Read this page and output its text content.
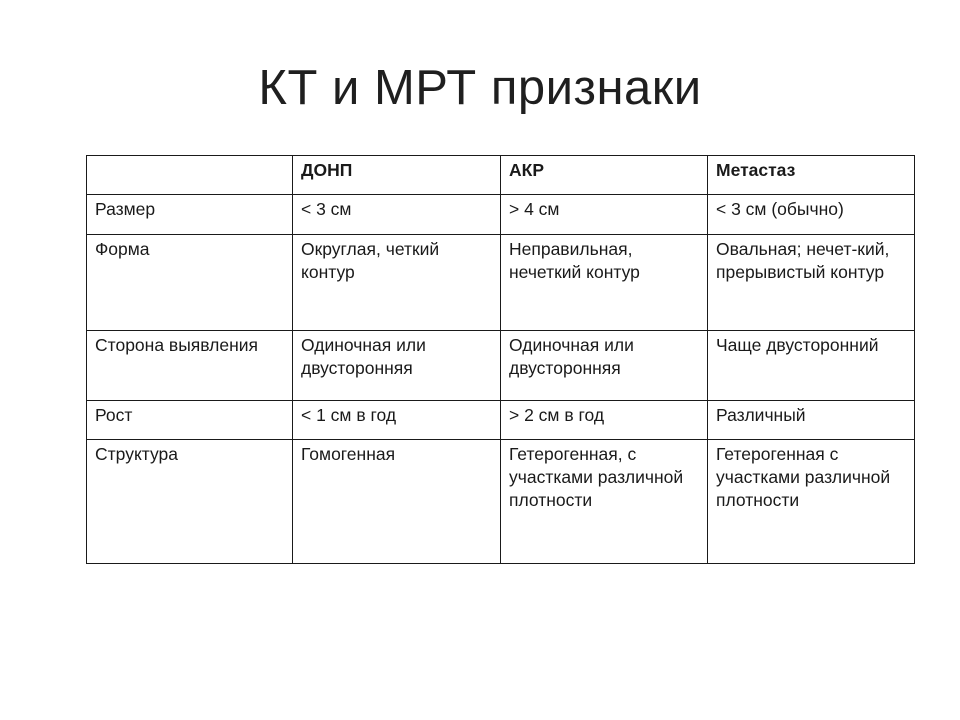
КТ и МРТ признаки
	ДОНП	АКР	Метастаз
Размер	< 3 см	> 4 см	< 3 см (обычно)
Форма	Округлая, четкий контур	Неправильная, нечеткий контур	Овальная; нечет-кий, прерывистый контур
Сторона выявления	Одиночная или двусторонняя	Одиночная или двусторонняя	Чаще двусторонний
Рост	< 1 см в год	> 2 см в год	Различный
Структура	Гомогенная	Гетерогенная, с участками различной плотности	Гетерогенная с участками различной плотности
